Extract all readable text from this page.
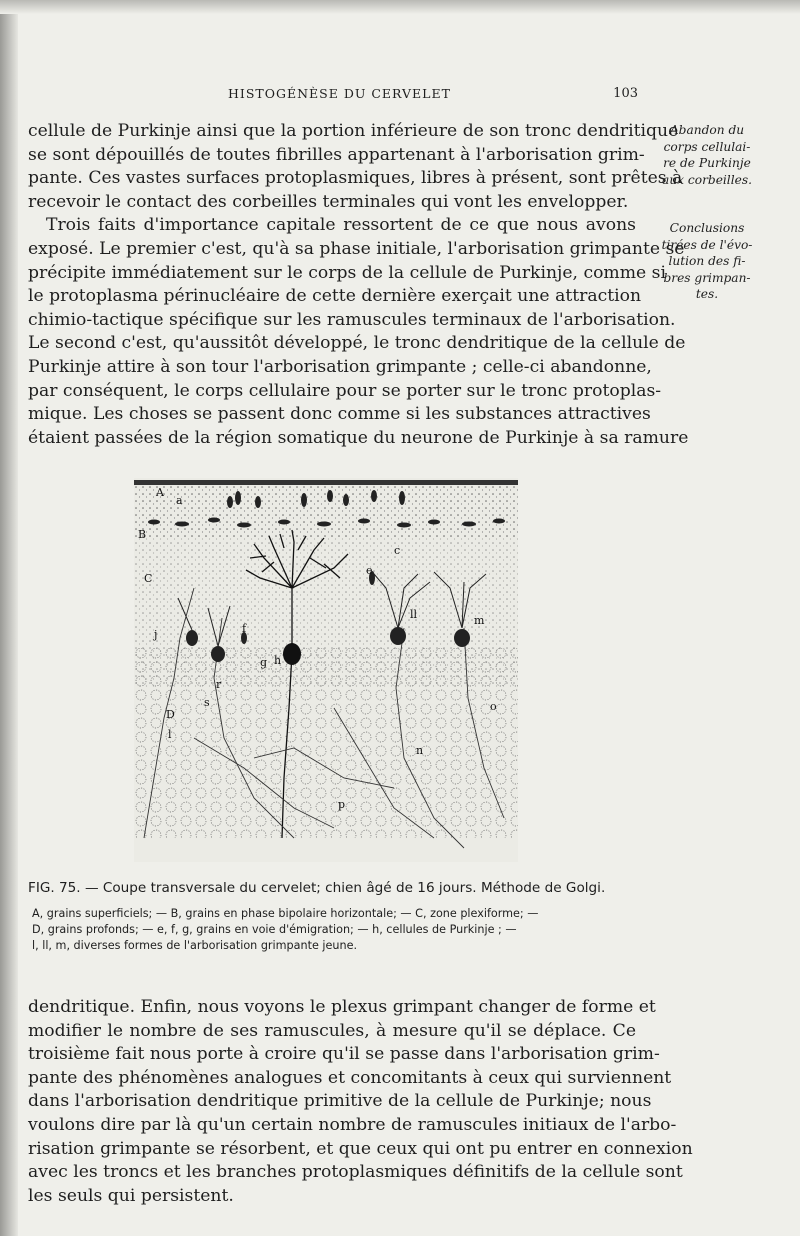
HISTOGÉNÈSE DU CERVELET	103
cellule de Purkinje ainsi que la portion inférieure de son tronc dendritique
se sont dépouillés de toutes fibrilles appartenant à l'arborisation grim-
pante. Ces vastes surfaces protoplasmiques, libres à présent, sont prêtes à
recevoir le contact des corbeilles terminales qui vont les envelopper.
Trois faits d'importance capitale ressortent de ce que nous avons
exposé. Le premier c'est, qu'à sa phase initiale, l'arborisation grimpante se
précipite immédiatement sur le corps de la cellule de Purkinje, comme si
le protoplasma périnucléaire de cette dernière exerçait une attraction
chimio-tactique spécifique sur les ramuscules terminaux de l'arborisation.
Le second c'est, qu'aussitôt développé, le tronc dendritique de la cellule de
Purkinje attire à son tour l'arborisation grimpante ; celle-ci abandonne,
par conséquent, le corps cellulaire pour se porter sur le tronc protoplas-
mique. Les choses se passent donc comme si les substances attractives
étaient passées de la région somatique du neurone de Purkinje à sa ramure
Abandon du
corps cellulai-
re de Purkinje
aux corbeilles.
Conclusions
tirées de l'évo-
lution des fi-
bres grimpan-
tes.
A
a
B
C
c
D
e
f
g h
j
l
ll	m
n
o
p
r
s
FIG. 75. — Coupe transversale du cervelet; chien âgé de 16 jours. Méthode de Golgi.
A, grains superficiels; — B, grains en phase bipolaire horizontale; — C, zone plexiforme; —
D, grains profonds; — e, f, g, grains en voie d'émigration; — h, cellules de Purkinje ; —
l, ll, m, diverses formes de l'arborisation grimpante jeune.
dendritique. Enfin, nous voyons le plexus grimpant changer de forme et
modifier le nombre de ses ramuscules, à mesure qu'il se déplace. Ce
troisième fait nous porte à croire qu'il se passe dans l'arborisation grim-
pante des phénomènes analogues et concomitants à ceux qui surviennent
dans l'arborisation dendritique primitive de la cellule de Purkinje; nous
voulons dire par là qu'un certain nombre de ramuscules initiaux de l'arbo-
risation grimpante se résorbent, et que ceux qui ont pu entrer en connexion
avec les troncs et les branches protoplasmiques définitifs de la cellule sont
les seuls qui persistent.
